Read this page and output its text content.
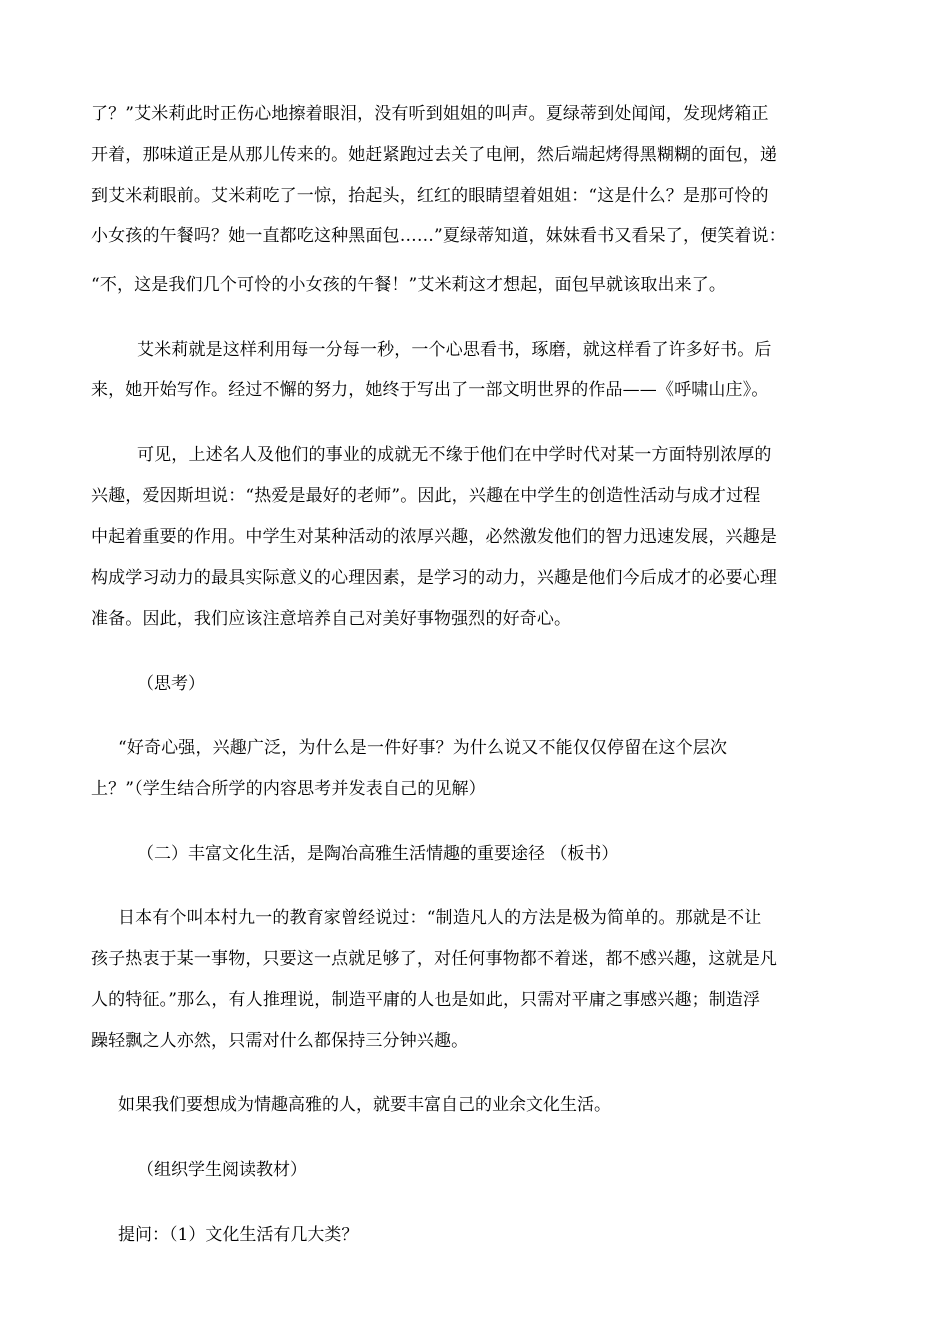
了？”艾米莉此时正伤心地擦着眼泪，没有听到姐姐的叫声。夏绿蒂到处闻闻，发现烤箱正
开着，那味道正是从那儿传来的。她赶紧跑过去关了电闸，然后端起烤得黑糊糊的面包，递
到艾米莉眼前。艾米莉吃了一惊，抬起头，红红的眼睛望着姐姐：“这是什么？是那可怜的
小女孩的午餐吗？她一直都吃这种黑面包……”夏绿蒂知道，妹妹看书又看呆了，便笑着说：
“不，这是我们几个可怜的小女孩的午餐！”艾米莉这才想起，面包早就该取出来了。
艾米莉就是这样利用每一分每一秒，一个心思看书，琢磨，就这样看了许多好书。后
来，她开始写作。经过不懈的努力，她终于写出了一部文明世界的作品——《呼啸山庄》。
可见，上述名人及他们的事业的成就无不缘于他们在中学时代对某一方面特别浓厚的
兴趣，爱因斯坦说：“热爱是最好的老师”。因此，兴趣在中学生的创造性活动与成才过程
中起着重要的作用。中学生对某种活动的浓厚兴趣，必然激发他们的智力迅速发展，兴趣是
构成学习动力的最具实际意义的心理因素，是学习的动力，兴趣是他们今后成才的必要心理
准备。因此，我们应该注意培养自己对美好事物强烈的好奇心。
（思考）
“好奇心强，兴趣广泛，为什么是一件好事？为什么说又不能仅仅停留在这个层次
上？”（学生结合所学的内容思考并发表自己的见解）
（二）丰富文化生活，是陶冶高雅生活情趣的重要途径 （板书）
日本有个叫本村九一的教育家曾经说过：“制造凡人的方法是极为简单的。那就是不让
孩子热衷于某一事物，只要这一点就足够了，对任何事物都不着迷，都不感兴趣，这就是凡
人的特征。”那么，有人推理说，制造平庸的人也是如此，只需对平庸之事感兴趣；制造浮
躁轻飘之人亦然，只需对什么都保持三分钟兴趣。
如果我们要想成为情趣高雅的人，就要丰富自己的业余文化生活。
（组织学生阅读教材）
提问：（1）文化生活有几大类？
